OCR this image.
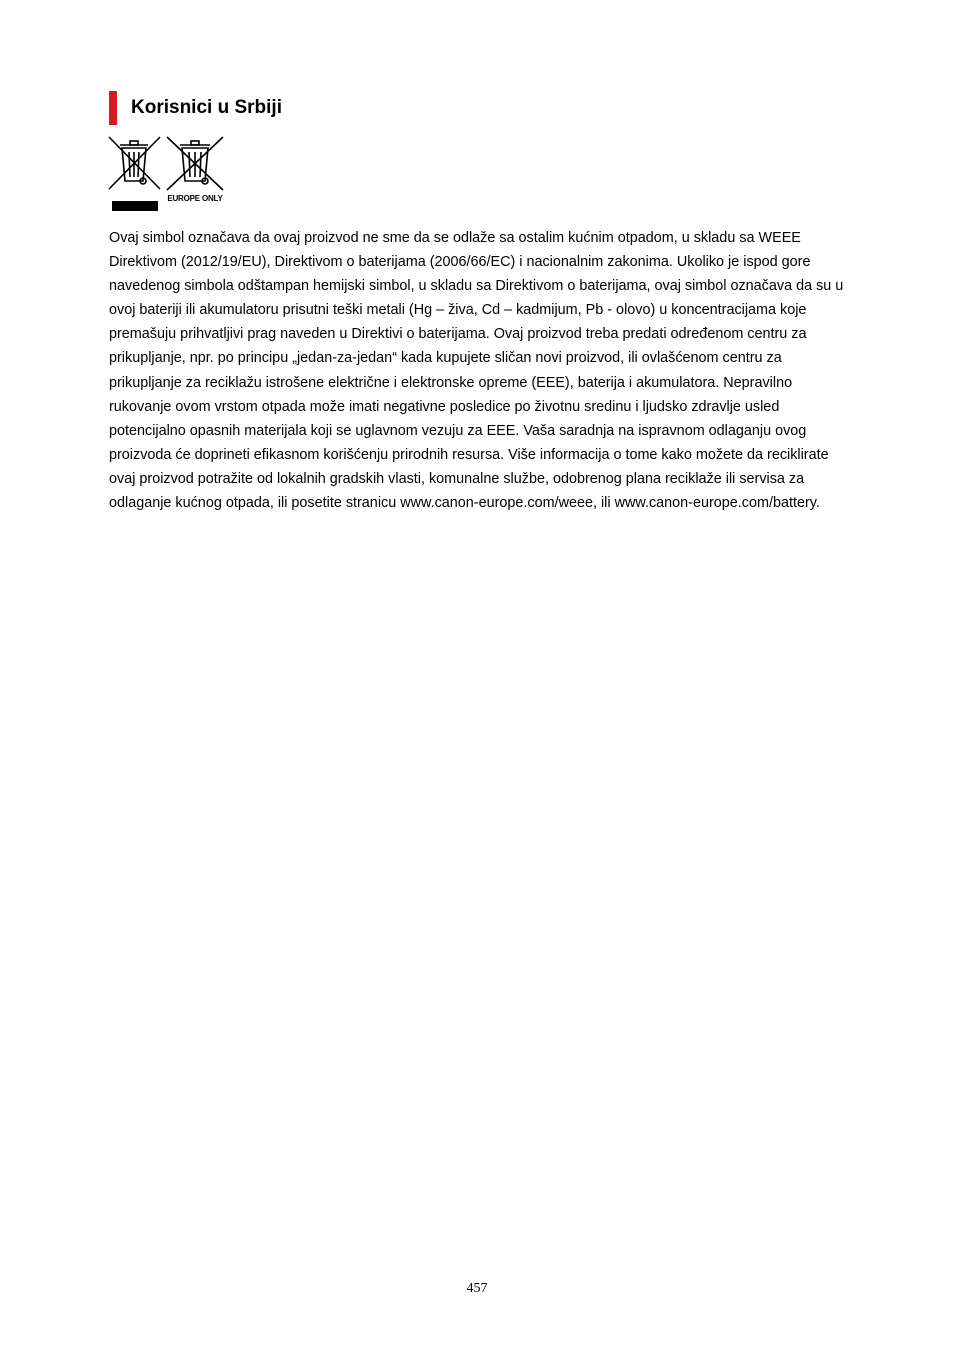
Korisnici u Srbiji
EUROPE ONLY

Ovaj simbol označava da ovaj proizvod ne sme da se odlaže sa ostalim kućnim otpadom, u skladu sa WEEE Direktivom (2012/19/EU), Direktivom o baterijama (2006/66/EC) i nacionalnim zakonima. Ukoliko je ispod gore navedenog simbola odštampan hemijski simbol, u skladu sa Direktivom o baterijama, ovaj simbol označava da su u ovoj bateriji ili akumulatoru prisutni teški metali (Hg – živa, Cd – kadmijum, Pb - olovo) u koncentracijama koje premašuju prihvatljivi prag naveden u Direktivi o baterijama. Ovaj proizvod treba predati određenom centru za prikupljanje, npr. po principu „jedan-za-jedan“ kada kupujete sličan novi proizvod, ili ovlašćenom centru za prikupljanje za reciklažu istrošene električne i elektronske opreme (EEE), baterija i akumulatora. Nepravilno rukovanje ovom vrstom otpada može imati negativne posledice po životnu sredinu i ljudsko zdravlje usled potencijalno opasnih materijala koji se uglavnom vezuju za EEE. Vaša saradnja na ispravnom odlaganju ovog proizvoda će doprineti efikasnom korišćenju prirodnih resursa. Više informacija o tome kako možete da reciklirate ovaj proizvod potražite od lokalnih gradskih vlasti, komunalne službe, odobrenog plana reciklaže ili servisa za odlaganje kućnog otpada, ili posetite stranicu www.canon-europe.com/weee, ili www.canon-europe.com/battery.

457
